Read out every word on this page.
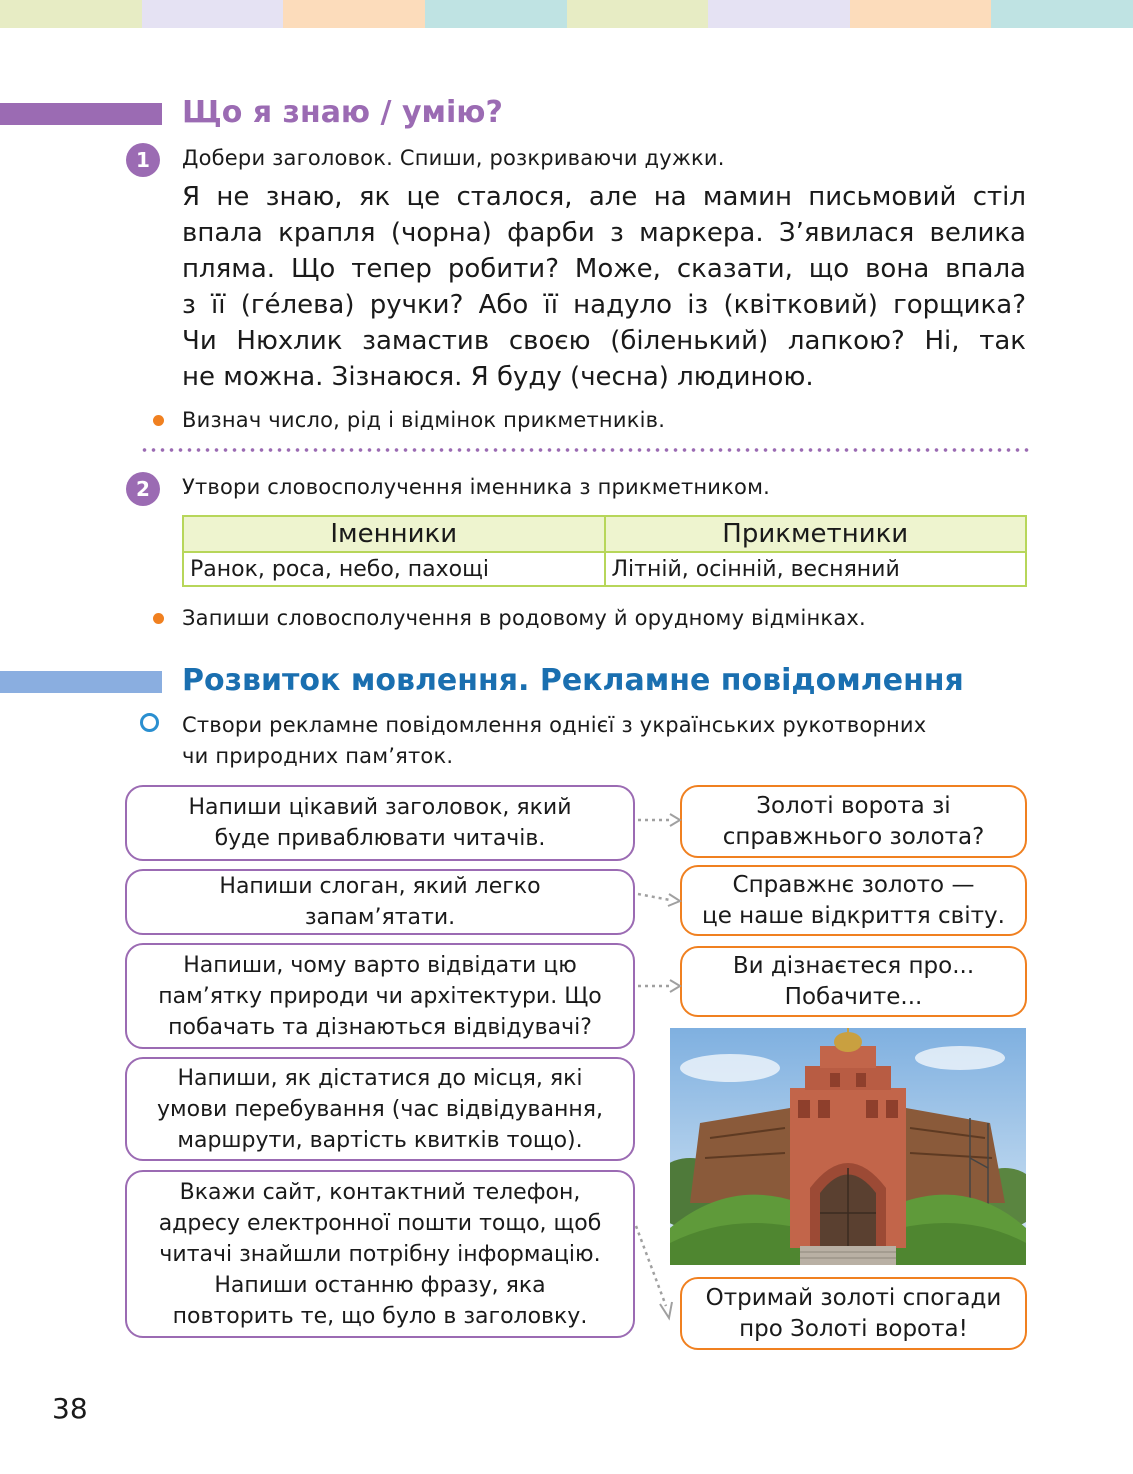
Що я знаю / умію?
1	Добери заголовок. Спиши, розкриваючи дужки.
Я не знаю, як це сталося, але на мамин письмовий стіл
впала крапля (чорна) фарби з маркера. З’явилася велика
пляма. Що тепер робити? Може, сказати, що вона впала
з її (ге́лева) ручки? Або її надуло із (квітковий) горщика?
Чи Нюхлик замастив своєю (біленький) лапкою? Ні, так
не можна. Зізнаюся. Я буду (чесна) людиною.
Визнач число, рід і відмінок прикметників.
2	Утвори словосполучення іменника з прикметником.
Іменники	Прикметники
Ранок, роса, небо, пахощі	Літній, осінній, весняний
Запиши словосполучення в родовому й орудному відмінках.
Розвиток мовлення. Рекламне повідомлення
Створи рекламне повідомлення однієї з українських рукотворних
чи природних пам’яток.
Напиши цікавий заголовок, який
буде приваблювати читачів.
Напиши слоган, який легко
запам’ятати.
Напиши, чому варто відвідати цю
пам’ятку природи чи архітектури. Що
побачать та дізнаються відвідувачі?
Напиши, як дістатися до місця, які
умови перебування (час відвідування,
маршрути, вартість квитків тощо).
Вкажи сайт, контактний телефон,
адресу електронної пошти тощо, щоб
читачі знайшли потрібну інформацію.
Напиши останню фразу, яка
повторить те, що було в заголовку.
Золоті ворота зі
справжнього золота?
Справжнє золото —
це наше відкриття світу.
Ви дізнаєтеся про...
Побачите...
Отримай золоті спогади
про Золоті ворота!
38
